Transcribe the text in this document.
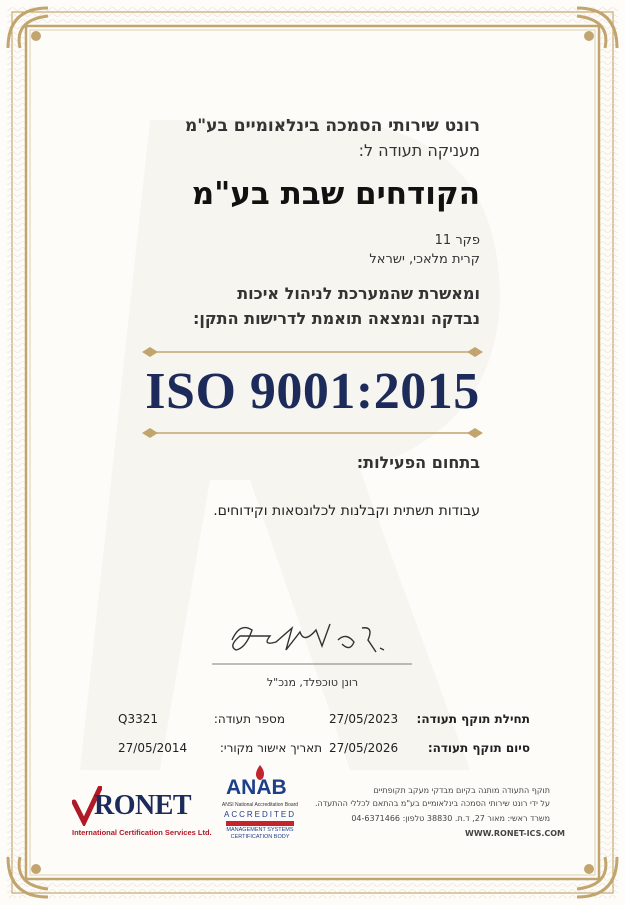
רונט שירותי הסמכה בינלאומיים בע"מ
מעניקה תעודה ל:
הקודחים שבת בע"מ
פקר 11
קרית מלאכי, ישראל
ומאשרת שהמערכת לניהול איכות
נבדקה ונמצאה תואמת לדרישות התקן:
ISO 9001:2015
בתחום הפעילות:
עבודות תשתית וקבלנות לכלונסאות וקידוחים.
רונן טוכפלד, מנכ"ל
תחילת תוקף תעודה:
27/05/2023
מספר תעודה:
Q3321
סיום תוקף תעודה:
27/05/2026
תאריך אישור מקורי:
27/05/2014
תוקף התעודה מותנה בקיום מבדקי מעקב תקופתיים
על ידי רונט שירותי הסמכה בינלאומיים בע"מ בהתאם לכללי ההתעדה.
משרד ראשי: מאור 27, ד.ת. 38830 טלפון: 04-6371466
WWW.RONET-ICS.COM
RONET
International Certification Services Ltd.
ANAB
ANSI National Accreditation Board
ACCREDITED
MANAGEMENT SYSTEMS
CERTIFICATION BODY
